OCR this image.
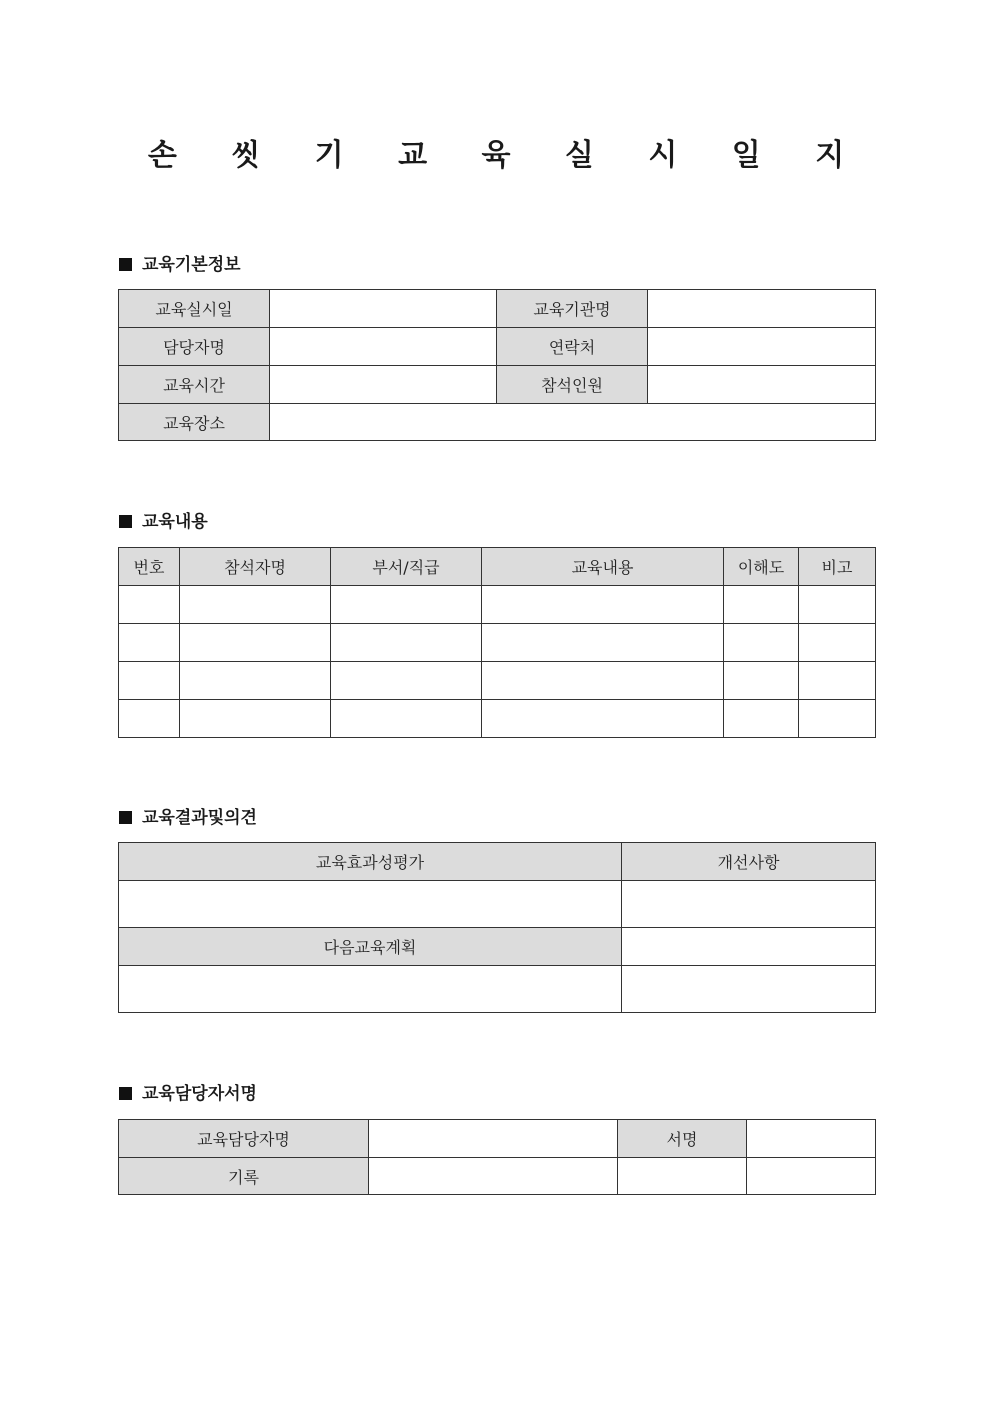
손 씻 기 교 육 실 시 일 지
교육기본정보
교육실시일		교육기관명	
담당자명		연락처	
교육시간		참석인원	
교육장소			
교육내용
번호	참석자명	부서/직급	교육내용	이해도	비고

교육결과및의견
교육효과성평가	개선사항

다음교육계획	

교육담당자서명
교육담당자명		서명	
기록			
